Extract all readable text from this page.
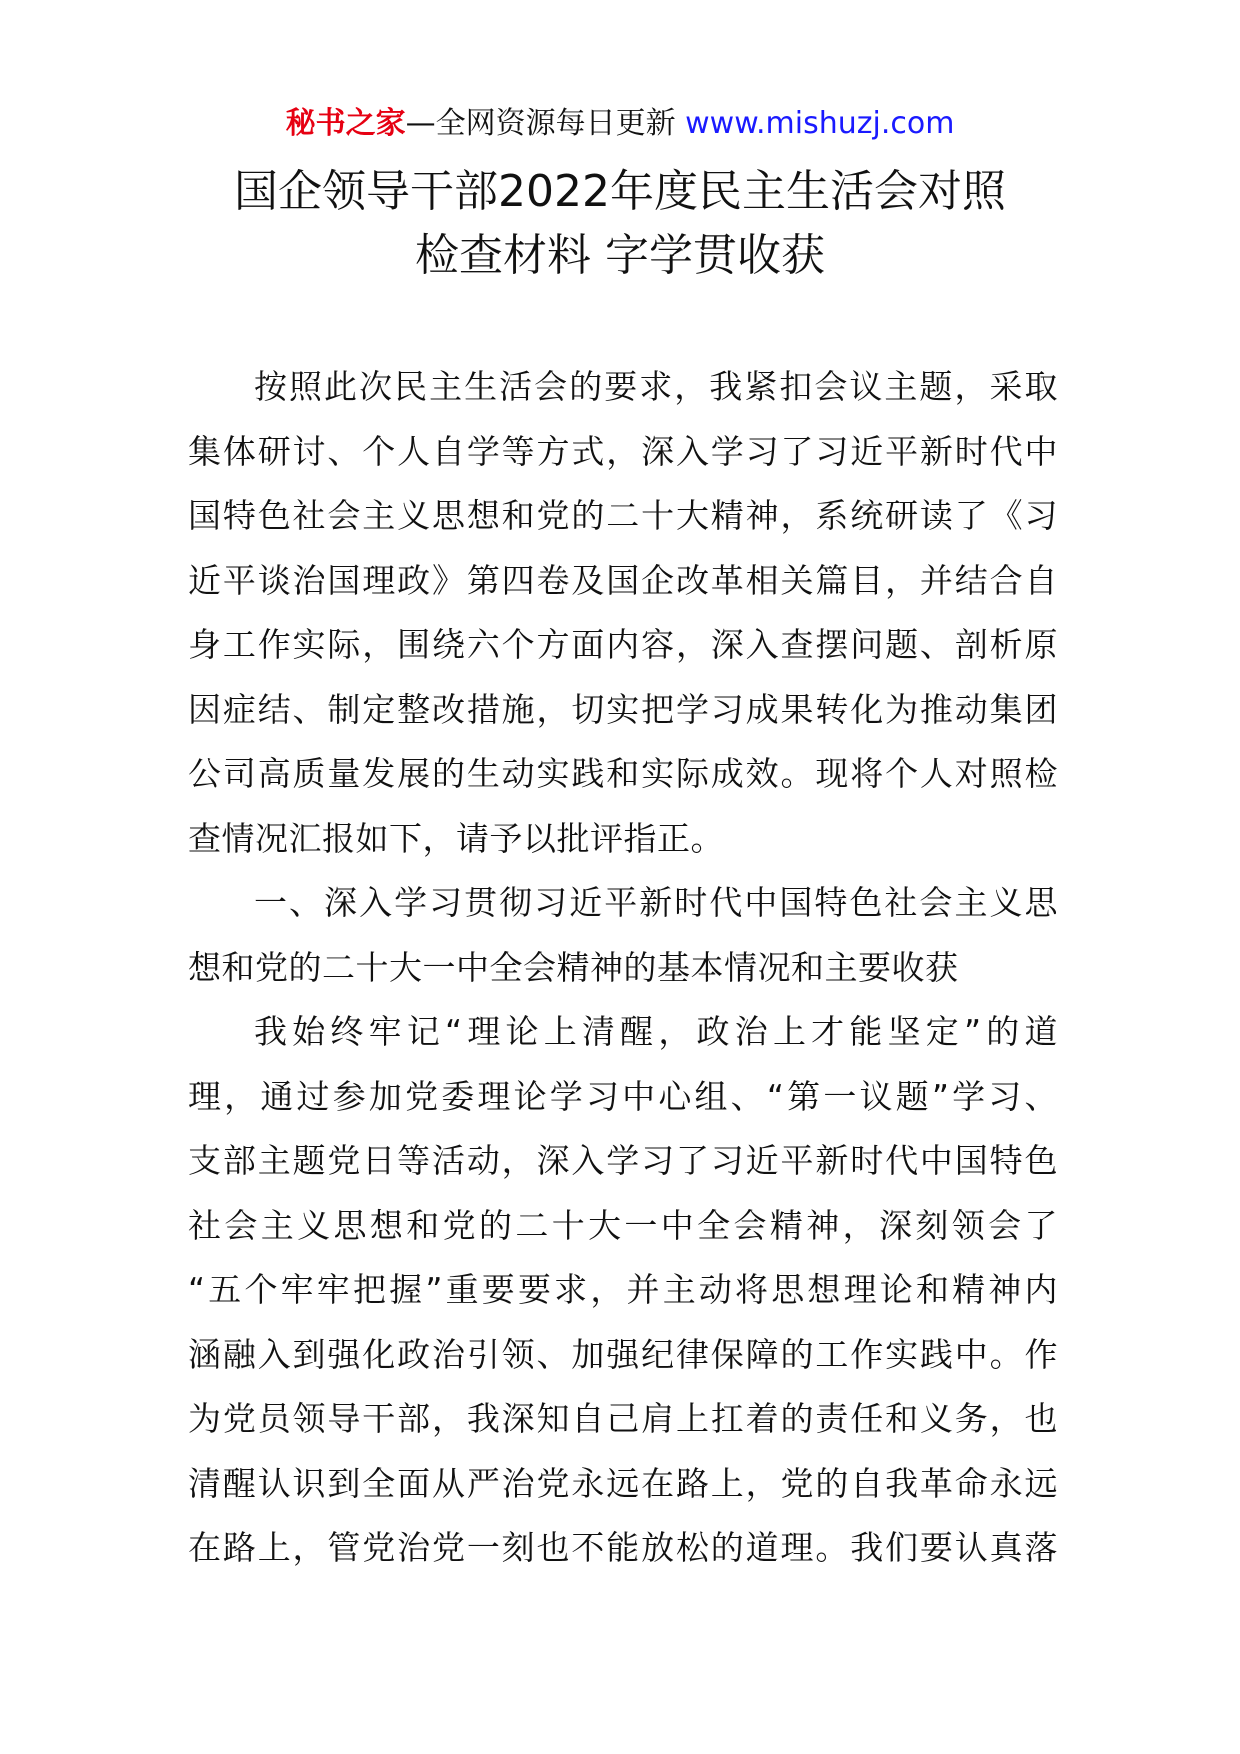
秘书之家—全网资源每日更新 www.mishuzj.com
国企领导干部2022年度民主生活会对照
检查材料 字学贯收获
按照此次民主生活会的要求，我紧扣会议主题，采取
集体研讨、个人自学等方式，深入学习了习近平新时代中
国特色社会主义思想和党的二十大精神，系统研读了《习
近平谈治国理政》第四卷及国企改革相关篇目，并结合自
身工作实际，围绕六个方面内容，深入查摆问题、剖析原
因症结、制定整改措施，切实把学习成果转化为推动集团
公司高质量发展的生动实践和实际成效。现将个人对照检
查情况汇报如下，请予以批评指正。
一、深入学习贯彻习近平新时代中国特色社会主义思
想和党的二十大一中全会精神的基本情况和主要收获
我始终牢记“理论上清醒，政治上才能坚定”的道
理，通过参加党委理论学习中心组、“第一议题”学习、
支部主题党日等活动，深入学习了习近平新时代中国特色
社会主义思想和党的二十大一中全会精神，深刻领会了
“五个牢牢把握”重要要求，并主动将思想理论和精神内
涵融入到强化政治引领、加强纪律保障的工作实践中。作
为党员领导干部，我深知自己肩上扛着的责任和义务，也
清醒认识到全面从严治党永远在路上，党的自我革命永远
在路上，管党治党一刻也不能放松的道理。我们要认真落
